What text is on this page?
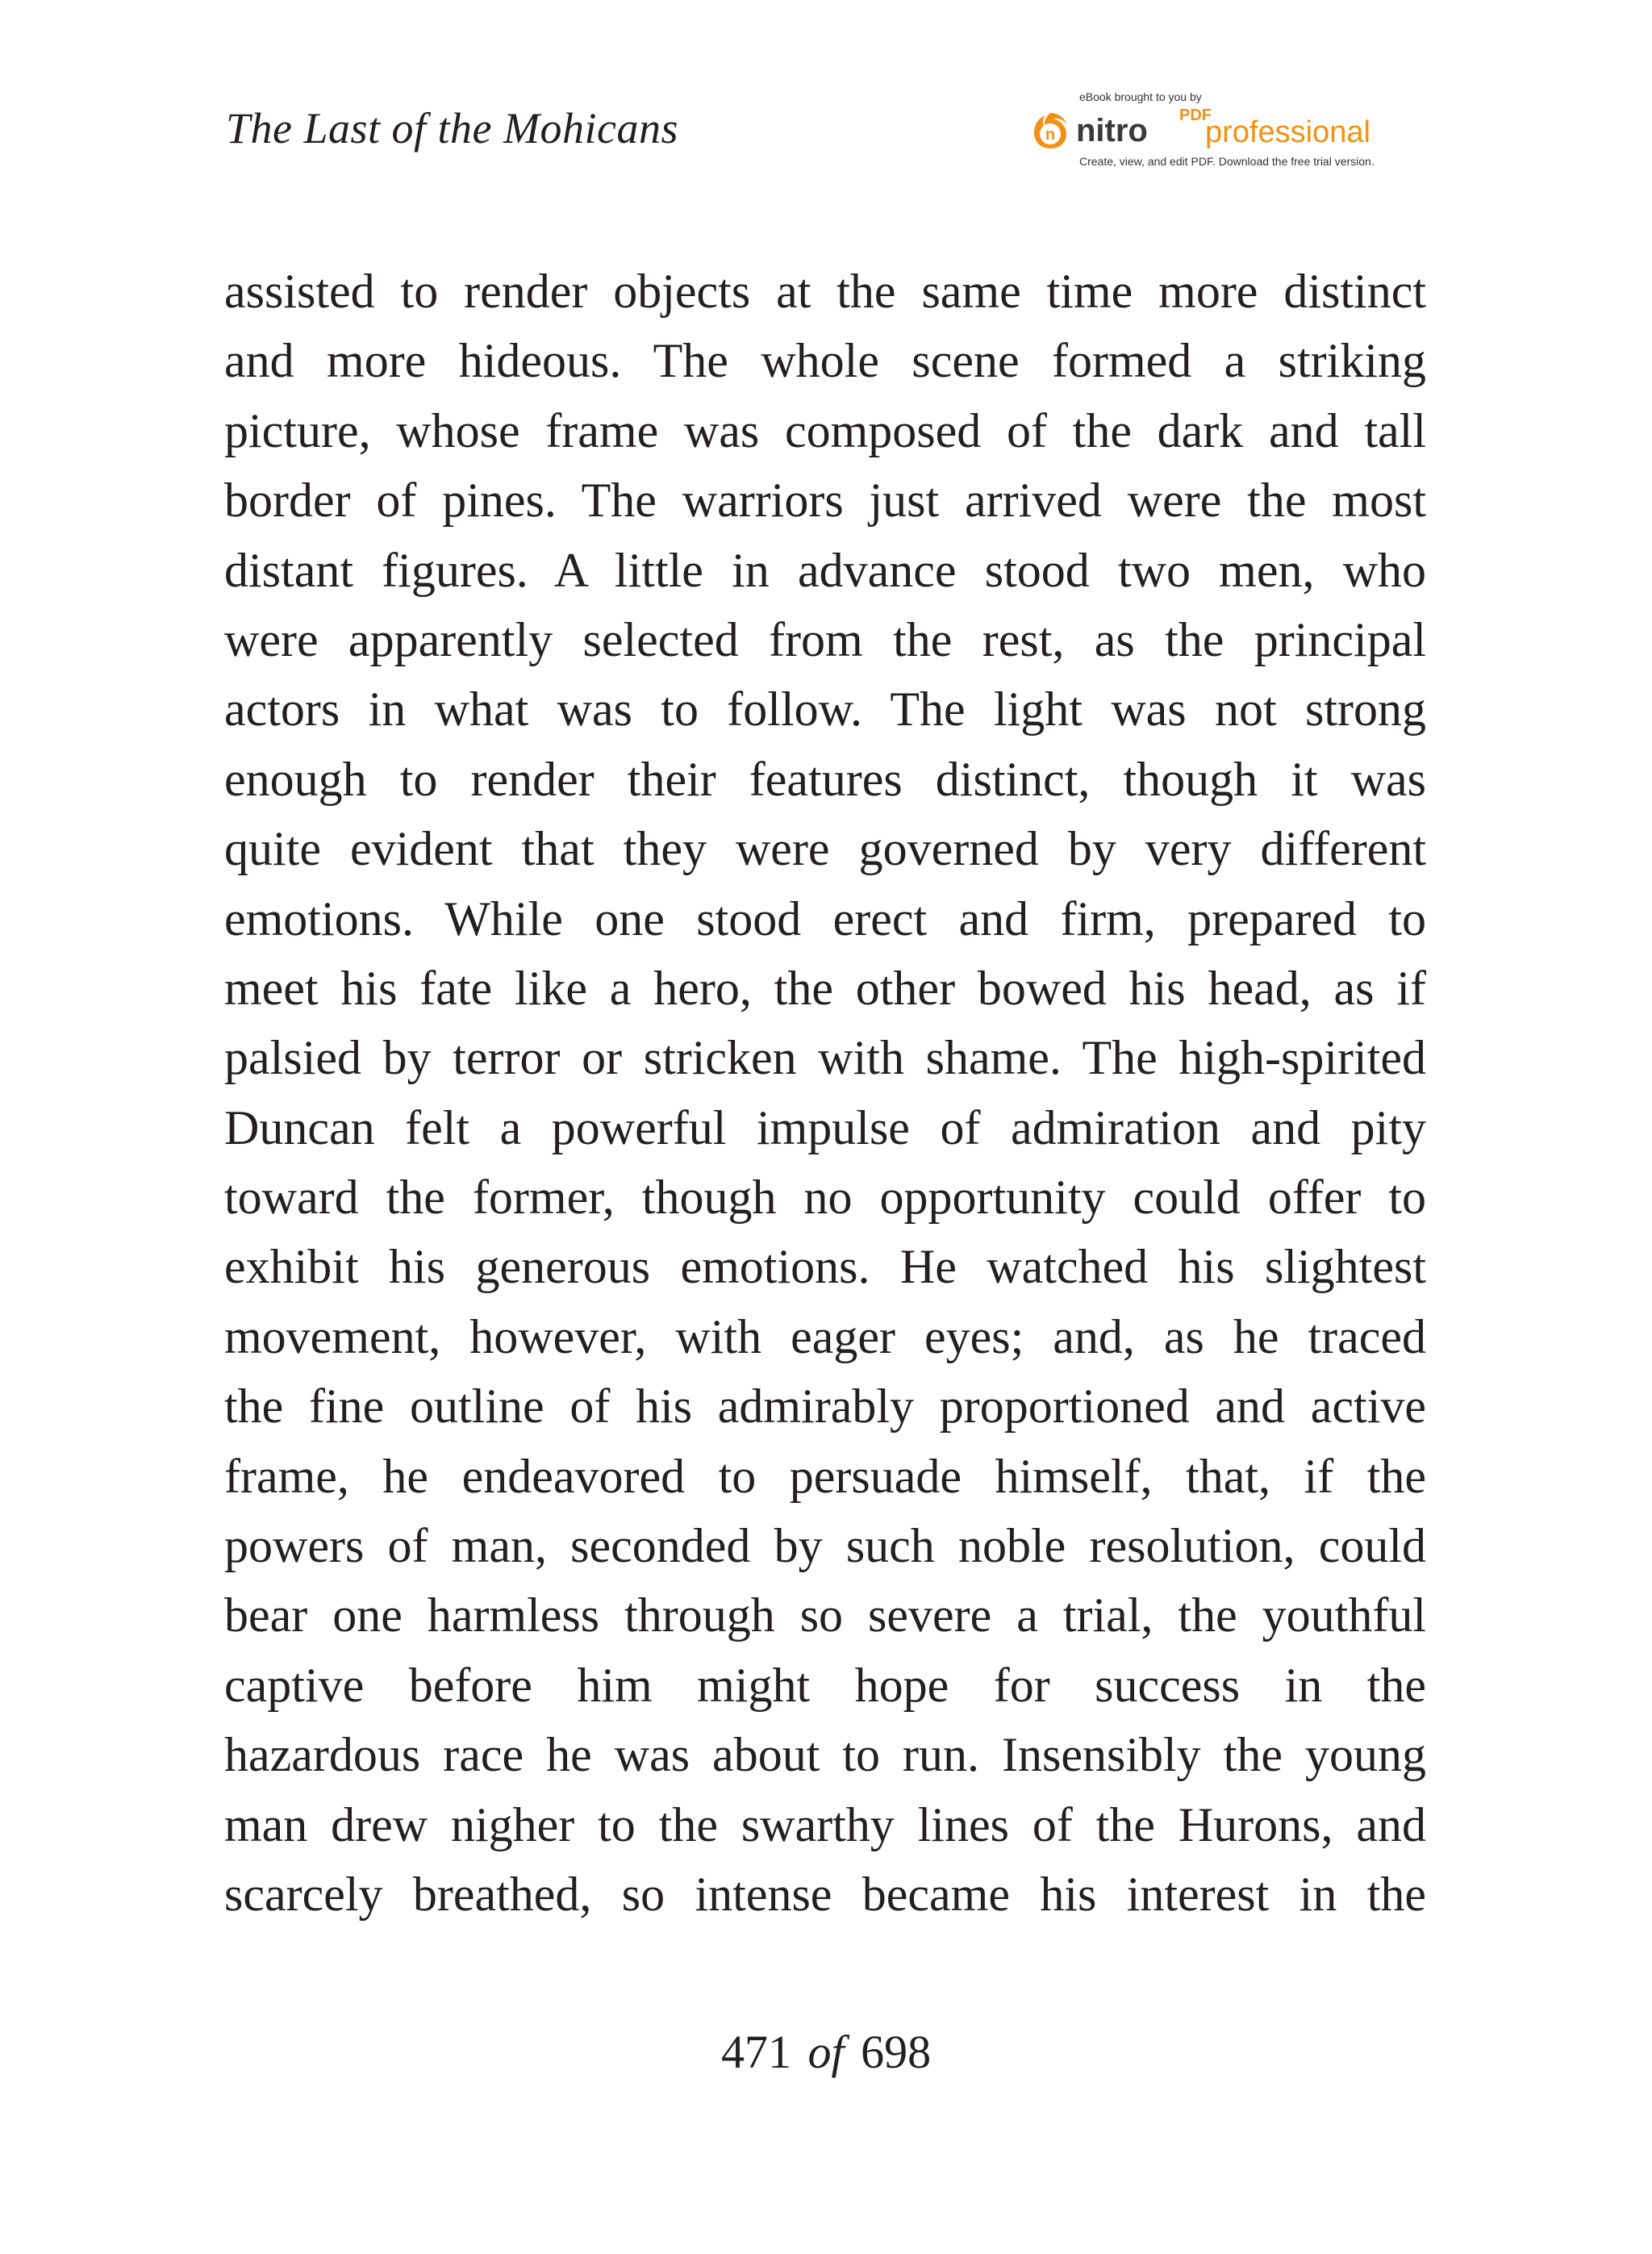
The Last of the Mohicans
eBook brought to you by
n nitro PDF
professional
Create, view, and edit PDF. Download the free trial version.
assisted to render objects at the same time more distinct
and more hideous. The whole scene formed a striking
picture, whose frame was composed of the dark and tall
border of pines. The warriors just arrived were the most
distant figures. A little in advance stood two men, who
were apparently selected from the rest, as the principal
actors in what was to follow. The light was not strong
enough to render their features distinct, though it was
quite evident that they were governed by very different
emotions. While one stood erect and firm, prepared to
meet his fate like a hero, the other bowed his head, as if
palsied by terror or stricken with shame. The high-spirited
Duncan felt a powerful impulse of admiration and pity
toward the former, though no opportunity could offer to
exhibit his generous emotions. He watched his slightest
movement, however, with eager eyes; and, as he traced
the fine outline of his admirably proportioned and active
frame, he endeavored to persuade himself, that, if the
powers of man, seconded by such noble resolution, could
bear one harmless through so severe a trial, the youthful
captive before him might hope for success in the
hazardous race he was about to run. Insensibly the young
man drew nigher to the swarthy lines of the Hurons, and
scarcely breathed, so intense became his interest in the
471 of 698
